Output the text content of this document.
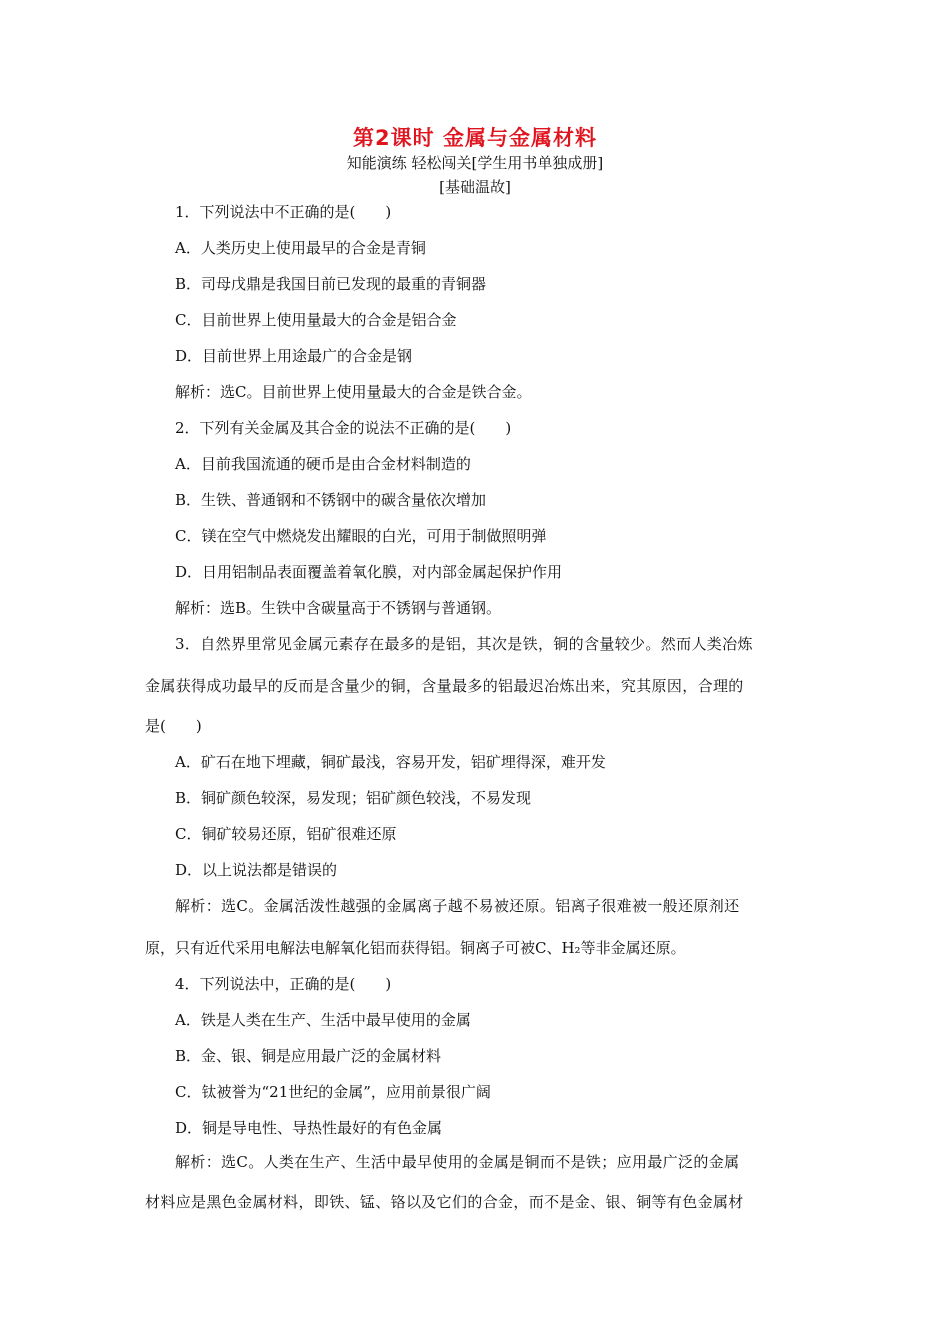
第2课时 金属与金属材料
知能演练 轻松闯关[学生用书单独成册]
[基础温故]
1．下列说法中不正确的是(　　)
A．人类历史上使用最早的合金是青铜
B．司母戊鼎是我国目前已发现的最重的青铜器
C．目前世界上使用量最大的合金是铝合金
D．目前世界上用途最广的合金是钢
解析：选C。目前世界上使用量最大的合金是铁合金。
2．下列有关金属及其合金的说法不正确的是(　　)
A．目前我国流通的硬币是由合金材料制造的
B．生铁、普通钢和不锈钢中的碳含量依次增加
C．镁在空气中燃烧发出耀眼的白光，可用于制做照明弹
D．日用铝制品表面覆盖着氧化膜，对内部金属起保护作用
解析：选B。生铁中含碳量高于不锈钢与普通钢。
3．自然界里常见金属元素存在最多的是铝，其次是铁，铜的含量较少。然而人类冶炼
金属获得成功最早的反而是含量少的铜，含量最多的铝最迟冶炼出来，究其原因，合理的
是(　　)
A．矿石在地下埋藏，铜矿最浅，容易开发，铝矿埋得深，难开发
B．铜矿颜色较深，易发现；铝矿颜色较浅，不易发现
C．铜矿较易还原，铝矿很难还原
D．以上说法都是错误的
解析：选C。金属活泼性越强的金属离子越不易被还原。铝离子很难被一般还原剂还
原，只有近代采用电解法电解氧化铝而获得铝。铜离子可被C、H₂等非金属还原。
4．下列说法中，正确的是(　　)
A．铁是人类在生产、生活中最早使用的金属
B．金、银、铜是应用最广泛的金属材料
C．钛被誉为“21世纪的金属”，应用前景很广阔
D．铜是导电性、导热性最好的有色金属
解析：选C。人类在生产、生活中最早使用的金属是铜而不是铁；应用最广泛的金属
材料应是黑色金属材料，即铁、锰、铬以及它们的合金，而不是金、银、铜等有色金属材
